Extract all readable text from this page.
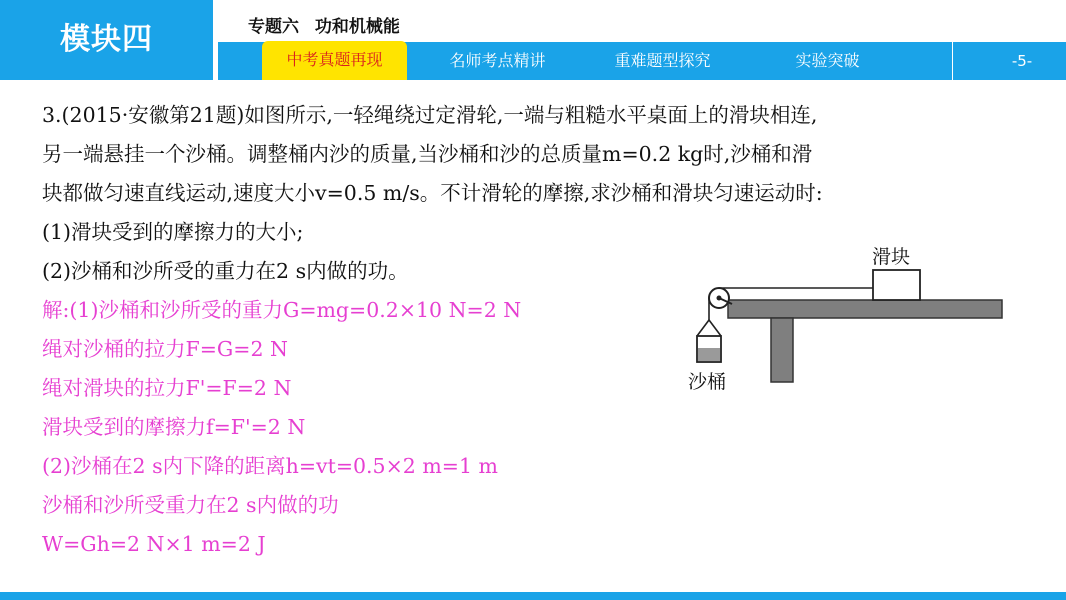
模块四	专题六 功和机械能
中考真题再现	名师考点精讲	重难题型探究	实验突破	-5-
3.(2015·安徽第21题)如图所示,一轻绳绕过定滑轮,一端与粗糙水平桌面上的滑块相连,
另一端悬挂一个沙桶。调整桶内沙的质量,当沙桶和沙的总质量m=0.2 kg时,沙桶和滑
块都做匀速直线运动,速度大小v=0.5 m/s。不计滑轮的摩擦,求沙桶和滑块匀速运动时:
(1)滑块受到的摩擦力的大小;
(2)沙桶和沙所受的重力在2 s内做的功。
解:(1)沙桶和沙所受的重力G=mg=0.2×10 N=2 N
绳对沙桶的拉力F=G=2 N
绳对滑块的拉力F'=F=2 N
滑块受到的摩擦力f=F'=2 N
(2)沙桶在2 s内下降的距离h=vt=0.5×2 m=1 m
沙桶和沙所受重力在2 s内做的功
W=Gh=2 N×1 m=2 J
滑块
沙桶
